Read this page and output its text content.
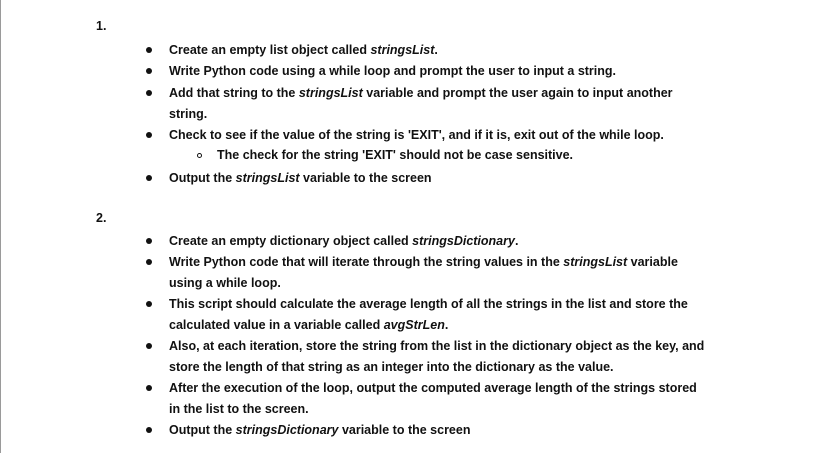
1.
Create an empty list object called stringsList.
Write Python code using a while loop and prompt the user to input a string.
Add that string to the stringsList variable and prompt the user again to input another
string.
Check to see if the value of the string is 'EXIT', and if it is, exit out of the while loop.
The check for the string 'EXIT' should not be case sensitive.
Output the stringsList variable to the screen
2.
Create an empty dictionary object called stringsDictionary.
Write Python code that will iterate through the string values in the stringsList variable
using a while loop.
This script should calculate the average length of all the strings in the list and store the
calculated value in a variable called avgStrLen.
Also, at each iteration, store the string from the list in the dictionary object as the key, and
store the length of that string as an integer into the dictionary as the value.
After the execution of the loop, output the computed average length of the strings stored
in the list to the screen.
Output the stringsDictionary variable to the screen
